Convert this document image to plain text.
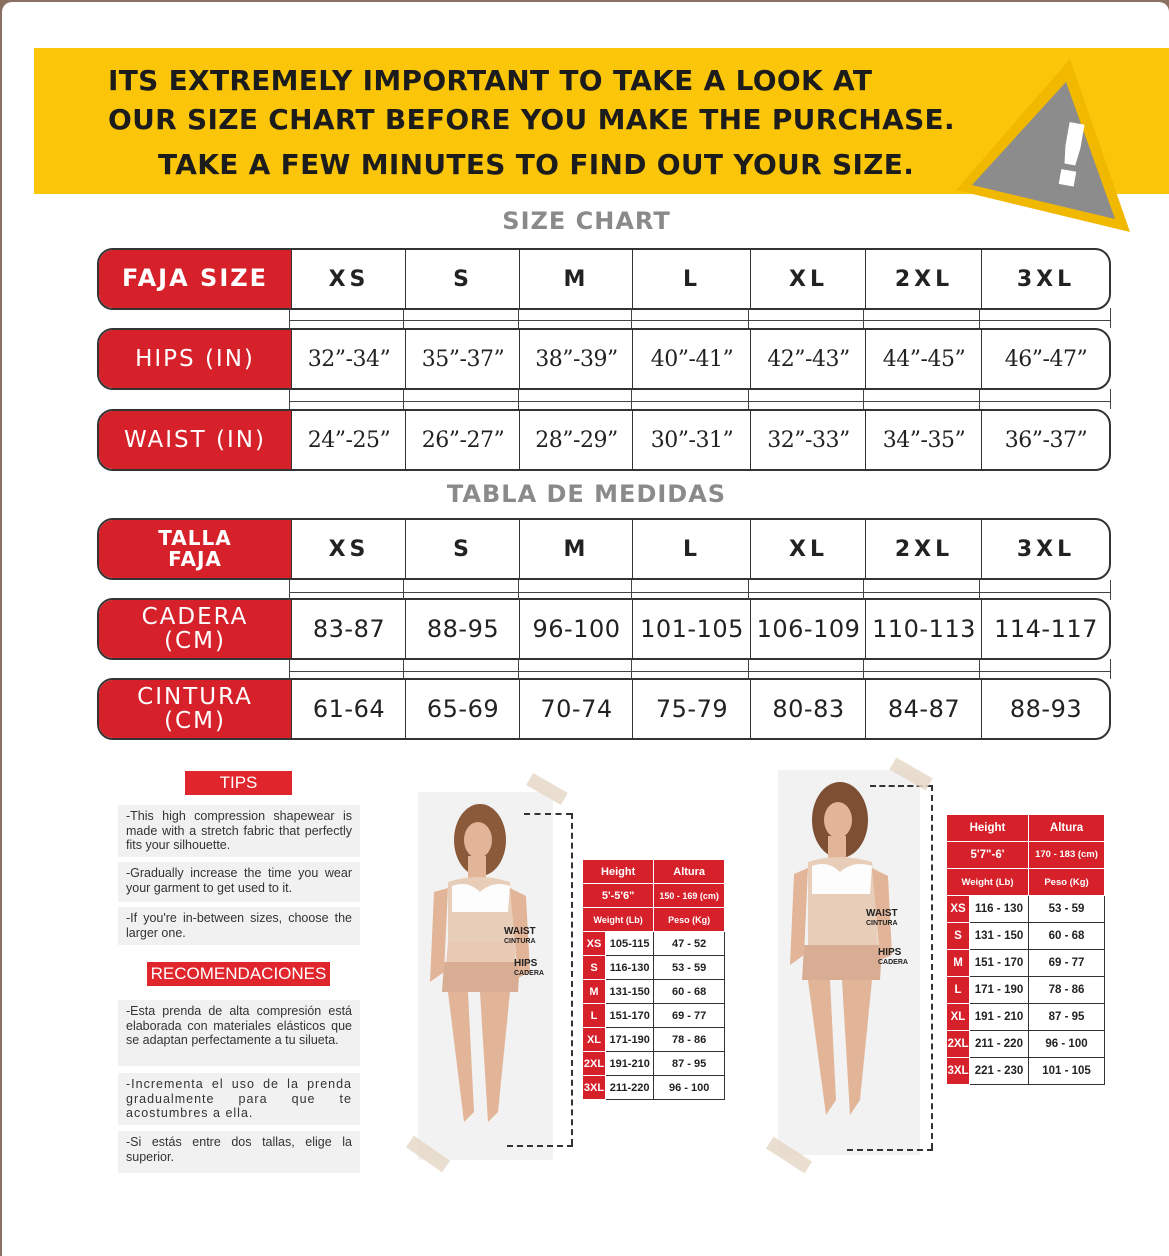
ITS EXTREMELY IMPORTANT TO TAKE A LOOK AT
OUR SIZE CHART BEFORE YOU MAKE THE PURCHASE.
TAKE A FEW MINUTES TO FIND OUT YOUR SIZE. !
SIZE CHART
FAJA SIZE	XS	S	M	L	XL	2XL	3XL
HIPS (IN)	32”-34”	35”-37”	38”-39”	40”-41”	42”-43”	44”-45”	46”-47”
WAIST (IN)	24”-25”	26”-27”	28”-29”	30”-31”	32”-33”	34”-35”	36”-37”
TABLA DE MEDIDAS
TALLA
FAJA	XS	S	M	L	XL	2XL	3XL
CADERA
(CM)	83-87	88-95	96-100 101-105 106-109 110-113 114-117
CINTURA
(CM)	61-64	65-69	70-74	75-79	80-83	84-87	88-93
TIPS
-This high compression shapewear is made with a stretch fabric that perfectly fits your silhouette.
-Gradually increase the time you wear your garment to get used to it.
-If you're in-between sizes, choose the larger one.
RECOMENDACIONES
-Esta prenda de alta compresión está elaborada con materiales elásticos que se adaptan perfectamente a tu silueta.
-Incrementa el uso de la prenda gradualmente para que te acostumbres a ella.
-Si estás entre dos tallas, elige la superior.
WAIST
CINTURA
HIPS
CADERA
Height		Altura
5'-5'6"		150 - 169 (cm)
Weight (Lb)		Peso (Kg)
XS	105-115	47 - 52
S	116-130	53 - 59
M	131-150	60 - 68
L	151-170	69 - 77
XL	171-190	78 - 86
2XL	191-210	87 - 95
3XL	211-220	96 - 100
WAIST
CINTURA
HIPS
CADERA
Height		Altura
5'7"-6'		170 - 183 (cm)
Weight (Lb)		Peso (Kg)
XS	116 - 130	53 - 59
S	131 - 150	60 - 68
M	151 - 170	69 - 77
L	171 - 190	78 - 86
XL	191 - 210	87 - 95
2XL	211 - 220	96 - 100
3XL	221 - 230	101 - 105
